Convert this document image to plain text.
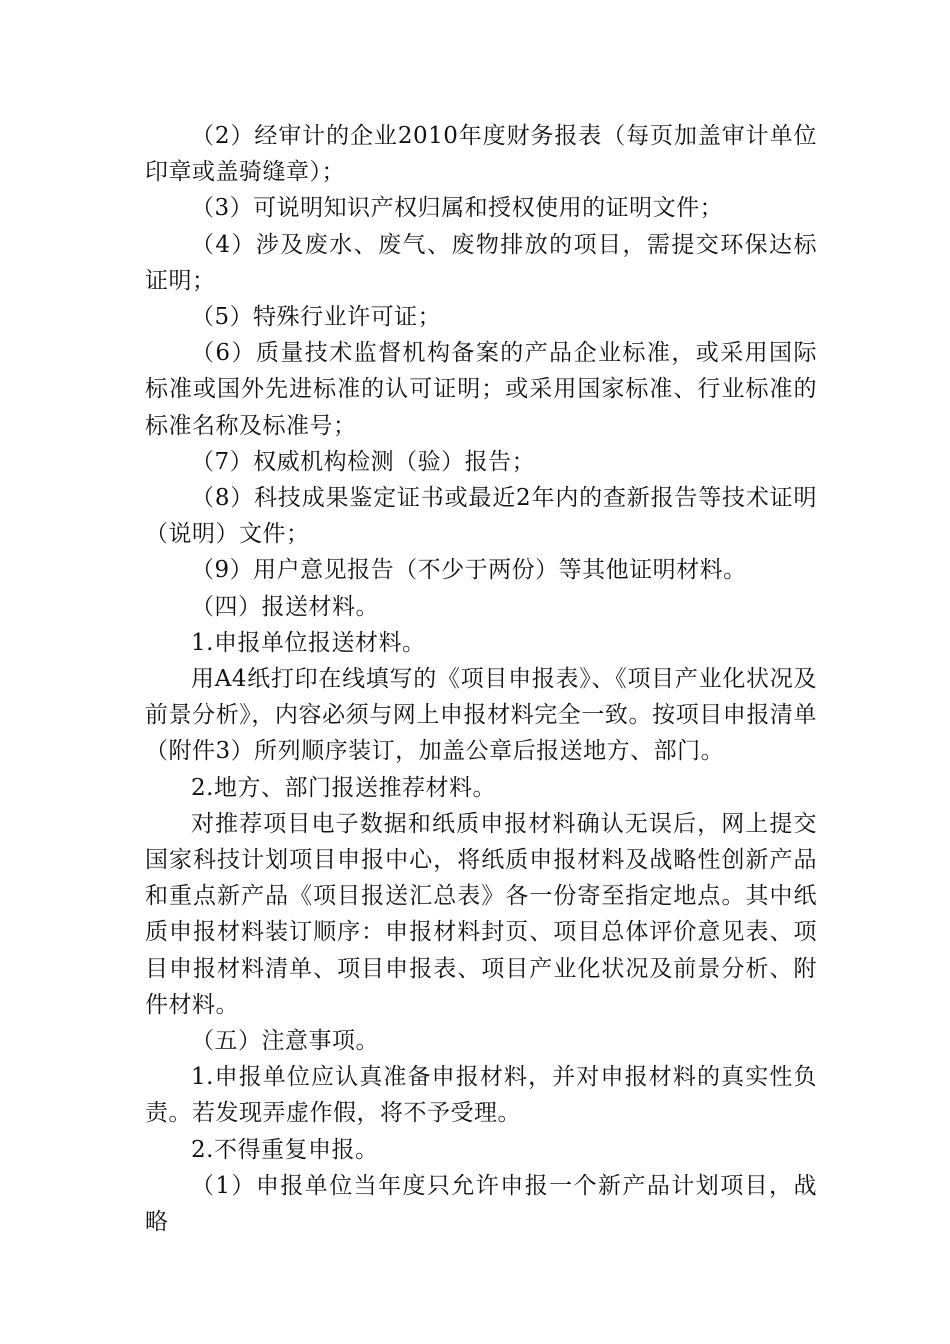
（2）经审计的企业2010年度财务报表（每页加盖审计单位印章或盖骑缝章）；

（3）可说明知识产权归属和授权使用的证明文件；

（4）涉及废水、废气、废物排放的项目，需提交环保达标证明；

（5）特殊行业许可证；

（6）质量技术监督机构备案的产品企业标准，或采用国际标准或国外先进标准的认可证明；或采用国家标准、行业标准的标准名称及标准号；

（7）权威机构检测（验）报告；

（8）科技成果鉴定证书或最近2年内的查新报告等技术证明（说明）文件；

（9）用户意见报告（不少于两份）等其他证明材料。

（四）报送材料。

1.申报单位报送材料。

用A4纸打印在线填写的《项目申报表》、《项目产业化状况及前景分析》，内容必须与网上申报材料完全一致。按项目申报清单（附件3）所列顺序装订，加盖公章后报送地方、部门。

2.地方、部门报送推荐材料。

对推荐项目电子数据和纸质申报材料确认无误后，网上提交国家科技计划项目申报中心，将纸质申报材料及战略性创新产品和重点新产品《项目报送汇总表》各一份寄至指定地点。其中纸质申报材料装订顺序：申报材料封页、项目总体评价意见表、项目申报材料清单、项目申报表、项目产业化状况及前景分析、附件材料。

（五）注意事项。

1.申报单位应认真准备申报材料，并对申报材料的真实性负责。若发现弄虚作假，将不予受理。

2.不得重复申报。

（1）申报单位当年度只允许申报一个新产品计划项目，战略
